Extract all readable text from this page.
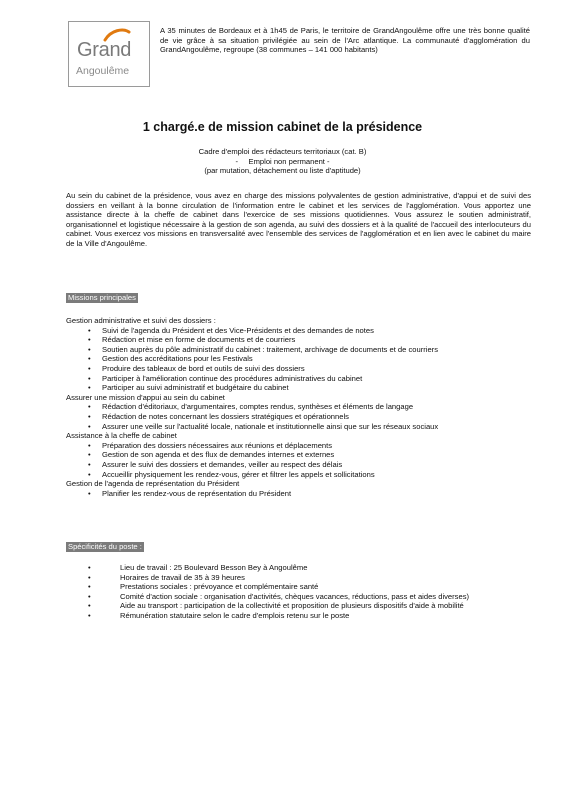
Grand
Angoulême
A 35 minutes de Bordeaux et à 1h45 de Paris, le territoire de GrandAngoulême offre une très bonne qualité de vie grâce à sa situation privilégiée au sein de l'Arc atlantique. La communauté d'agglomération du GrandAngoulême, regroupe (38 communes – 141 000 habitants)
1 chargé.e de mission cabinet de la présidence
Cadre d'emploi des rédacteurs territoriaux (cat. B)
-     Emploi non permanent -
(par mutation, détachement ou liste d'aptitude)
Au sein du cabinet de la présidence, vous avez en charge des missions polyvalentes de gestion administrative, d'appui et de suivi des dossiers en veillant à la bonne circulation de l'information entre le cabinet et les services de l'agglomération. Vous apportez une assistance directe à la cheffe de cabinet dans l'exercice de ses missions quotidiennes. Vous assurez le soutien administratif, organisationnel et logistique nécessaire à la gestion de son agenda, au suivi des dossiers et à la qualité de l'accueil des interlocuteurs du cabinet. Vous exercez vos missions en transversalité avec l'ensemble des services de l'agglomération et en lien avec le cabinet du maire de la Ville d'Angoulême.
Missions principales
Gestion administrative et suivi des dossiers :
• Suivi de l'agenda du Président et des Vice-Présidents et des demandes de notes
• Rédaction et mise en forme de documents et de courriers
• Soutien auprès du pôle administratif du cabinet : traitement, archivage de documents et de courriers
• Gestion des accréditations pour les Festivals
• Produire des tableaux de bord et outils de suivi des dossiers
• Participer à l'amélioration continue des procédures administratives du cabinet
• Participer au suivi administratif et budgétaire du cabinet
Assurer une mission d'appui au sein du cabinet
• Rédaction d'éditoriaux, d'argumentaires, comptes rendus, synthèses et éléments de langage
• Rédaction de notes concernant les dossiers stratégiques et opérationnels
• Assurer une veille sur l'actualité locale, nationale et institutionnelle ainsi que sur les réseaux sociaux
Assistance à la cheffe de cabinet
• Préparation des dossiers nécessaires aux réunions et déplacements
• Gestion de son agenda et des flux de demandes internes et externes
• Assurer le suivi des dossiers et demandes, veiller au respect des délais
• Accueillir physiquement les rendez-vous, gérer et filtrer les appels et sollicitations
Gestion de l'agenda de représentation du Président
• Planifier les rendez-vous de représentation du Président
Spécificités du poste :
• Lieu de travail : 25 Boulevard Besson Bey à Angoulême
• Horaires de travail de 35 à 39 heures
• Prestations sociales : prévoyance et complémentaire santé
• Comité d'action sociale : organisation d'activités, chèques vacances, réductions, pass et aides diverses)
• Aide au transport : participation de la collectivité et proposition de plusieurs dispositifs d'aide à mobilité
• Rémunération statutaire selon le cadre d'emplois retenu sur le poste
